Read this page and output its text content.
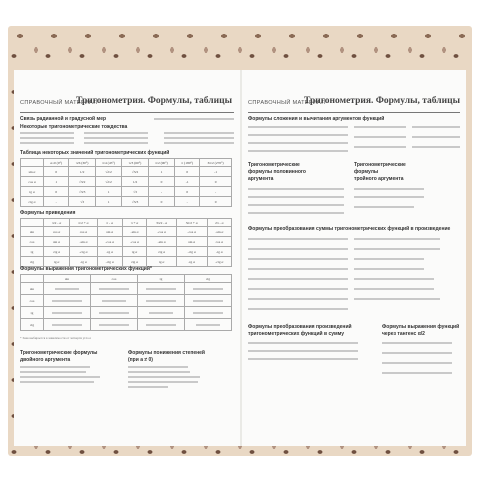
СПРАВОЧНЫЙ МАТЕРИАЛ
Тригонометрия. Формулы, таблицы
Связь радианной и градусной мер
Некоторые тригонометрические тождества
Таблица некоторых значений тригонометрических функций
	α=0 (0°)	π/6 (30°)	π/4 (45°)	π/3 (60°)	π/2 (90°)	π (180°)	3π/2 (270°)
sin α	0	1/2	√2/2	√3/2	1	0	-1
cos α	1	√3/2	√2/2	1/2	0	-1	0
tg α	0	√3/3	1	√3	-	0	-
ctg α	-	√3	1	√3/3	0	-	0
Формулы приведения
	π/2 - α	π/2 + α	π - α	π + α	3π/2 - α	3π/2 + α	2π - α
sin	cos α	cos α	sin α	-sin α	-cos α	-cos α	-sin α
cos	sin α	-sin α	-cos α	-cos α	-sin α	sin α	cos α
tg	ctg α	-ctg α	-tg α	tg α	ctg α	-ctg α	-tg α
ctg	tg α	-tg α	-ctg α	ctg α	tg α	-tg α	-ctg α
Формулы выражения тригонометрических функций*
	sin	cos	tg	ctg
sin				
cos				
tg				
ctg				
* Знак выбирается в зависимости от четверти угла α
Тригонометрические формулы
двойного аргумента
Формулы понижения степеней
(при a ≠ 0)
СПРАВОЧНЫЙ МАТЕРИАЛ
Тригонометрия. Формулы, таблицы
Формулы сложения и вычитания аргументов функций
Тригонометрические
формулы половинного
аргумента
Тригонометрические
формулы
тройного аргумента
Формулы преобразования суммы тригонометрических функций в произведение
Формулы преобразования произведений
тригонометрических функций в сумму
Формулы выражения функций
через тангенс α/2
